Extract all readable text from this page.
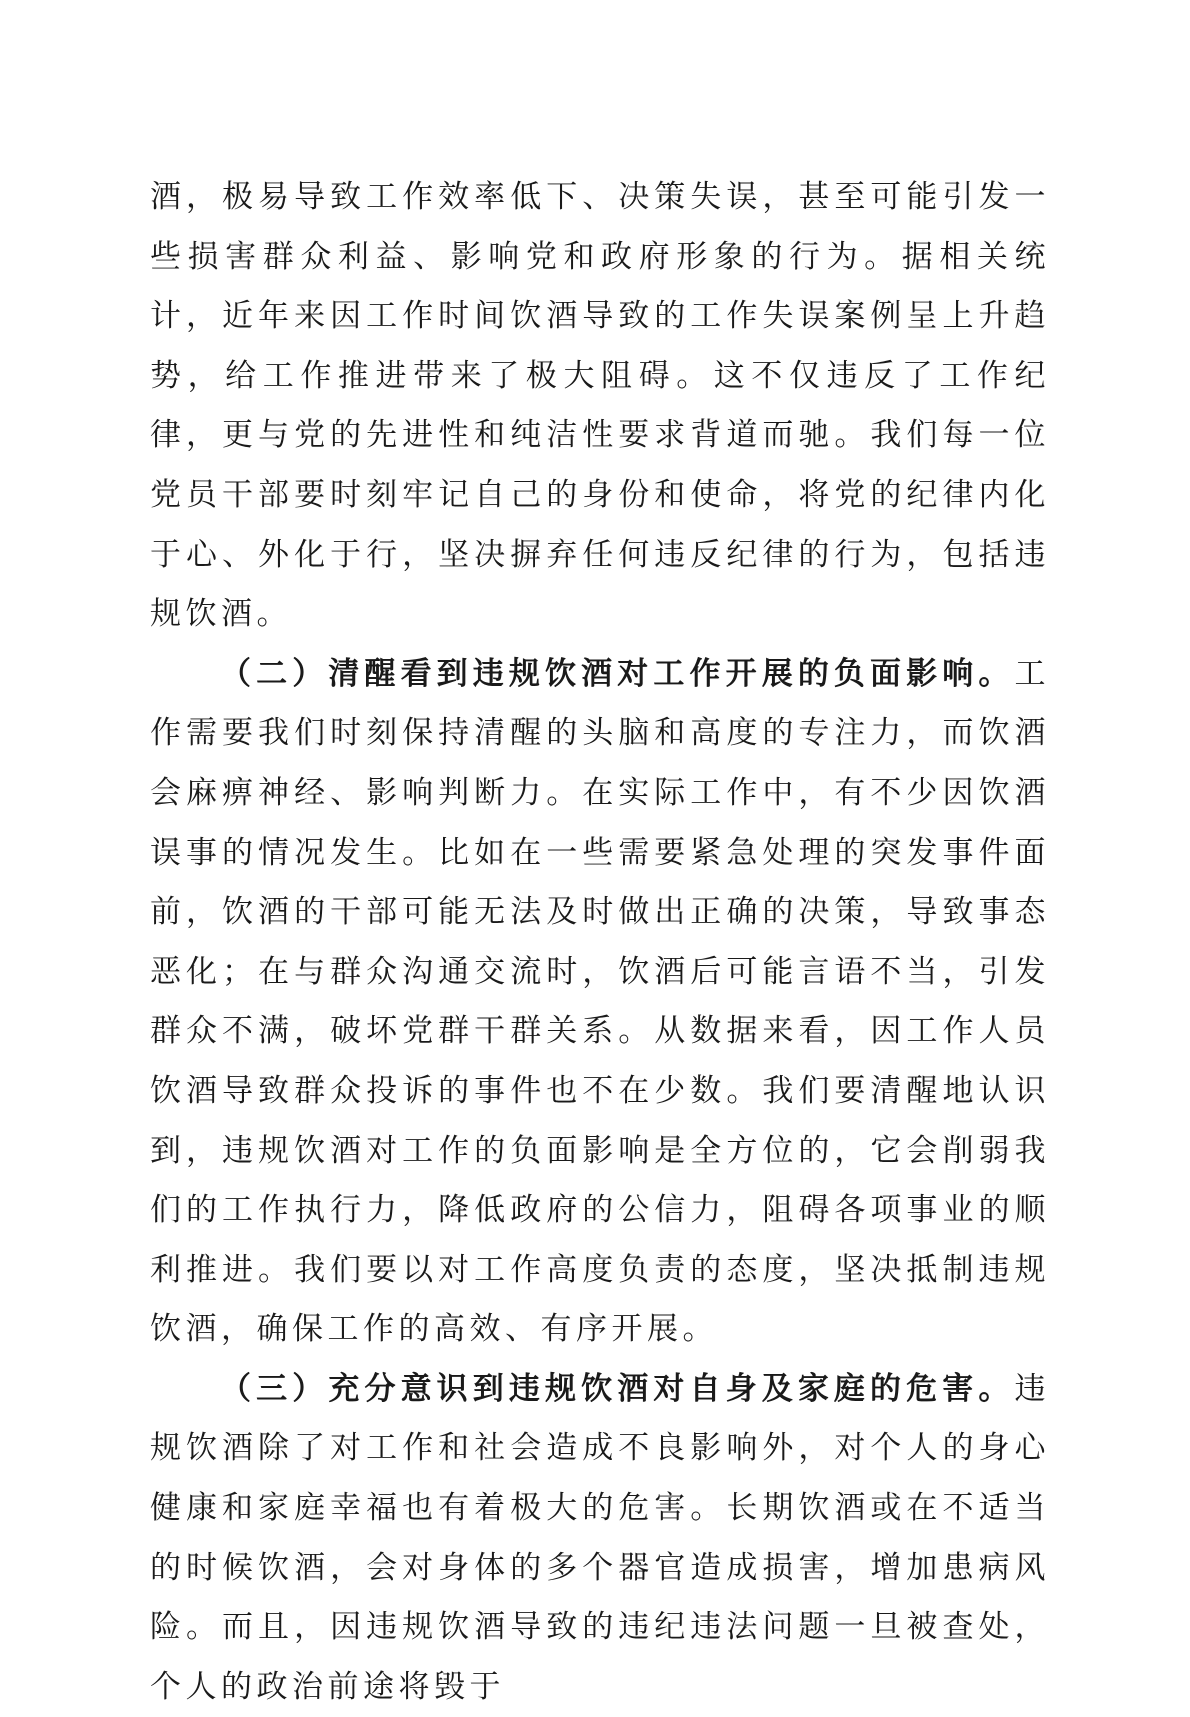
酒，极易导致工作效率低下、决策失误，甚至可能引发一些损害群众利益、影响党和政府形象的行为。据相关统计，近年来因工作时间饮酒导致的工作失误案例呈上升趋势，给工作推进带来了极大阻碍。这不仅违反了工作纪律，更与党的先进性和纯洁性要求背道而驰。我们每一位党员干部要时刻牢记自己的身份和使命，将党的纪律内化于心、外化于行，坚决摒弃任何违反纪律的行为，包括违规饮酒。

（二）清醒看到违规饮酒对工作开展的负面影响。工作需要我们时刻保持清醒的头脑和高度的专注力，而饮酒会麻痹神经、影响判断力。在实际工作中，有不少因饮酒误事的情况发生。比如在一些需要紧急处理的突发事件面前，饮酒的干部可能无法及时做出正确的决策，导致事态恶化；在与群众沟通交流时，饮酒后可能言语不当，引发群众不满，破坏党群干群关系。从数据来看，因工作人员饮酒导致群众投诉的事件也不在少数。我们要清醒地认识到，违规饮酒对工作的负面影响是全方位的，它会削弱我们的工作执行力，降低政府的公信力，阻碍各项事业的顺利推进。我们要以对工作高度负责的态度，坚决抵制违规饮酒，确保工作的高效、有序开展。

（三）充分意识到违规饮酒对自身及家庭的危害。违规饮酒除了对工作和社会造成不良影响外，对个人的身心健康和家庭幸福也有着极大的危害。长期饮酒或在不适当的时候饮酒，会对身体的多个器官造成损害，增加患病风险。而且，因违规饮酒导致的违纪违法问题一旦被查处，个人的政治前途将毁于
